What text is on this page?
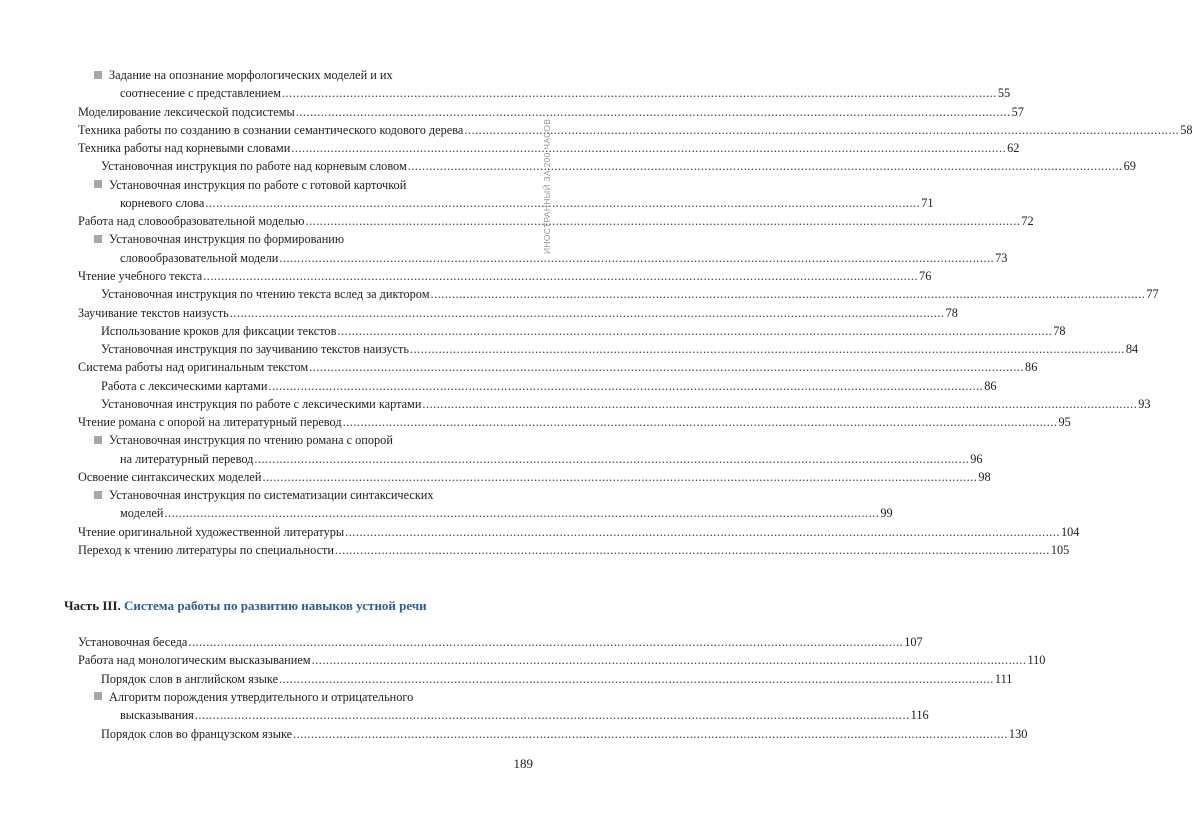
Задание на опознание морфологических моделей и их
соотнесение с представлением ........................................................................................................................................................................................................ 55
Моделирование лексической подсистемы ........................................................................................................................................................................................................ 57
Техника работы по созданию в сознании семантического кодового дерева ........................................................................................................................................................................................................ 58
Техника работы над корневыми словами ........................................................................................................................................................................................................ 62
Установочная инструкция по работе над корневым словом ........................................................................................................................................................................................................ 69
Установочная инструкция по работе с готовой карточкой
корневого слова ........................................................................................................................................................................................................ 71
Работа над словообразовательной моделью ........................................................................................................................................................................................................ 72
Установочная инструкция по формированию
словообразовательной модели ........................................................................................................................................................................................................ 73
Чтение учебного текста ........................................................................................................................................................................................................ 76
Установочная инструкция по чтению текста вслед за диктором ........................................................................................................................................................................................................ 77
Заучивание текстов наизусть ........................................................................................................................................................................................................ 78
Использование кроков для фиксации текстов ........................................................................................................................................................................................................ 78
Установочная инструкция по заучиванию текстов наизусть ........................................................................................................................................................................................................ 84
Система работы над оригинальным текстом ........................................................................................................................................................................................................ 86
Работа с лексическими картами ........................................................................................................................................................................................................ 86
Установочная инструкция по работе с лексическими картами ........................................................................................................................................................................................................ 93
Чтение романа с опорой на литературный перевод ........................................................................................................................................................................................................ 95
Установочная инструкция по чтению романа с опорой
на литературный перевод ........................................................................................................................................................................................................ 96
Освоение синтаксических моделей ........................................................................................................................................................................................................ 98
Установочная инструкция по систематизации синтаксических
моделей ........................................................................................................................................................................................................ 99
Чтение оригинальной художественной литературы ........................................................................................................................................................................................................ 104
Переход к чтению литературы по специальности ........................................................................................................................................................................................................ 105
Часть III. Система работы по развитию навыков устной речи
Установочная беседа ........................................................................................................................................................................................................ 107
Работа над монологическим высказыванием ........................................................................................................................................................................................................ 110
Порядок слов в английском языке ........................................................................................................................................................................................................ 111
Алгоритм порождения утвердительного и отрицательного
высказывания ........................................................................................................................................................................................................ 116
Порядок слов во французском языке ........................................................................................................................................................................................................ 130
ИНОСТРАННЫЙ ЗА 200 ЧАСОВ
189
